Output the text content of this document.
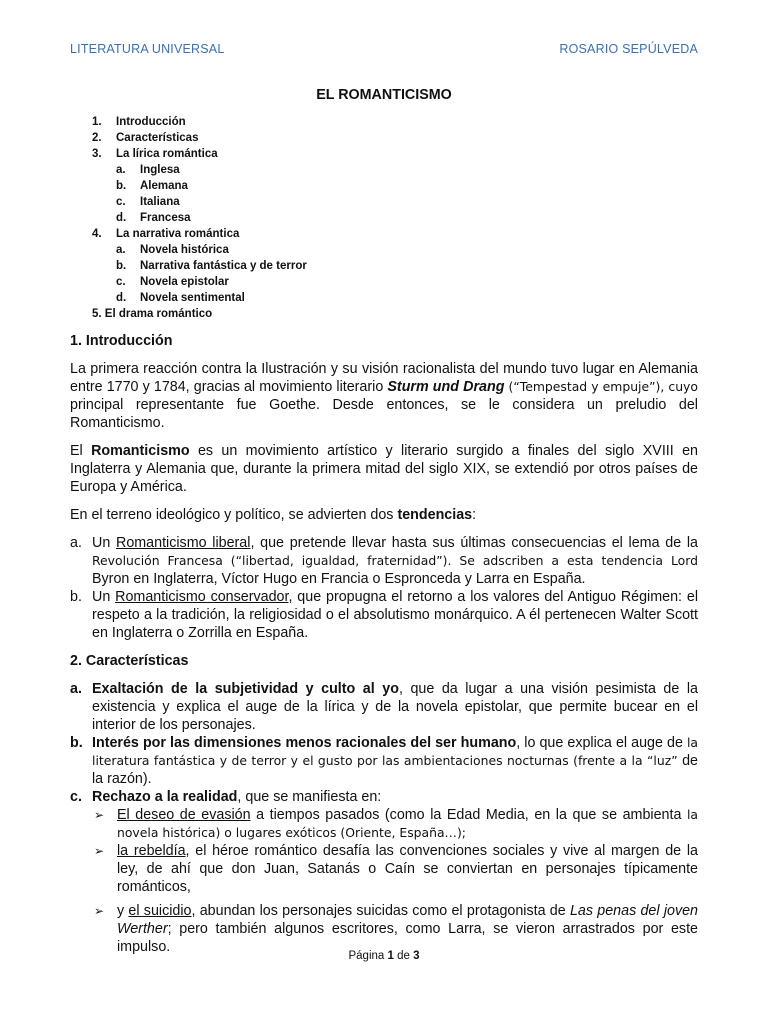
LITERATURA UNIVERSAL	ROSARIO SEPÚLVEDA
EL ROMANTICISMO
1.	Introducción
2.	Características
3.	La lírica romántica
a.	Inglesa
b.	Alemana
c.	Italiana
d.	Francesa
4.	La narrativa romántica
a.	Novela histórica
b.	Narrativa fantástica y de terror
c.	Novela epistolar
d.	Novela sentimental
5. El drama romántico
1. Introducción

La primera reacción contra la Ilustración y su visión racionalista del mundo tuvo lugar en Alemania entre 1770 y 1784, gracias al movimiento literario Sturm und Drang (“Tempestad y empuje”), cuyo principal representante fue Goethe. Desde entonces, se le considera un preludio del Romanticismo.

El Romanticismo es un movimiento artístico y literario surgido a finales del siglo XVIII en Inglaterra y Alemania que, durante la primera mitad del siglo XIX, se extendió por otros países de Europa y América.

En el terreno ideológico y político, se advierten dos tendencias:

a. Un Romanticismo liberal, que pretende llevar hasta sus últimas consecuencias el lema de la Revolución Francesa (“libertad, igualdad, fraternidad”). Se adscriben a esta tendencia Lord Byron en Inglaterra, Víctor Hugo en Francia o Espronceda y Larra en España.
b. Un Romanticismo conservador, que propugna el retorno a los valores del Antiguo Régimen: el respeto a la tradición, la religiosidad o el absolutismo monárquico. A él pertenecen Walter Scott en Inglaterra o Zorrilla en España.
2. Características
a. Exaltación de la subjetividad y culto al yo, que da lugar a una visión pesimista de la existencia y explica el auge de la lírica y de la novela epistolar, que permite bucear en el interior de los personajes.
b. Interés por las dimensiones menos racionales del ser humano, lo que explica el auge de la literatura fantástica y de terror y el gusto por las ambientaciones nocturnas (frente a la “luz” de la razón).
c. Rechazo a la realidad, que se manifiesta en:
➢ El deseo de evasión a tiempos pasados (como la Edad Media, en la que se ambienta la novela histórica) o lugares exóticos (Oriente, España…);
➢ la rebeldía, el héroe romántico desafía las convenciones sociales y vive al margen de la ley, de ahí que don Juan, Satanás o Caín se conviertan en personajes típicamente románticos,
➢ y el suicidio, abundan los personajes suicidas como el protagonista de Las penas del joven Werther; pero también algunos escritores, como Larra, se vieron arrastrados por este impulso.
Página 1 de 3
